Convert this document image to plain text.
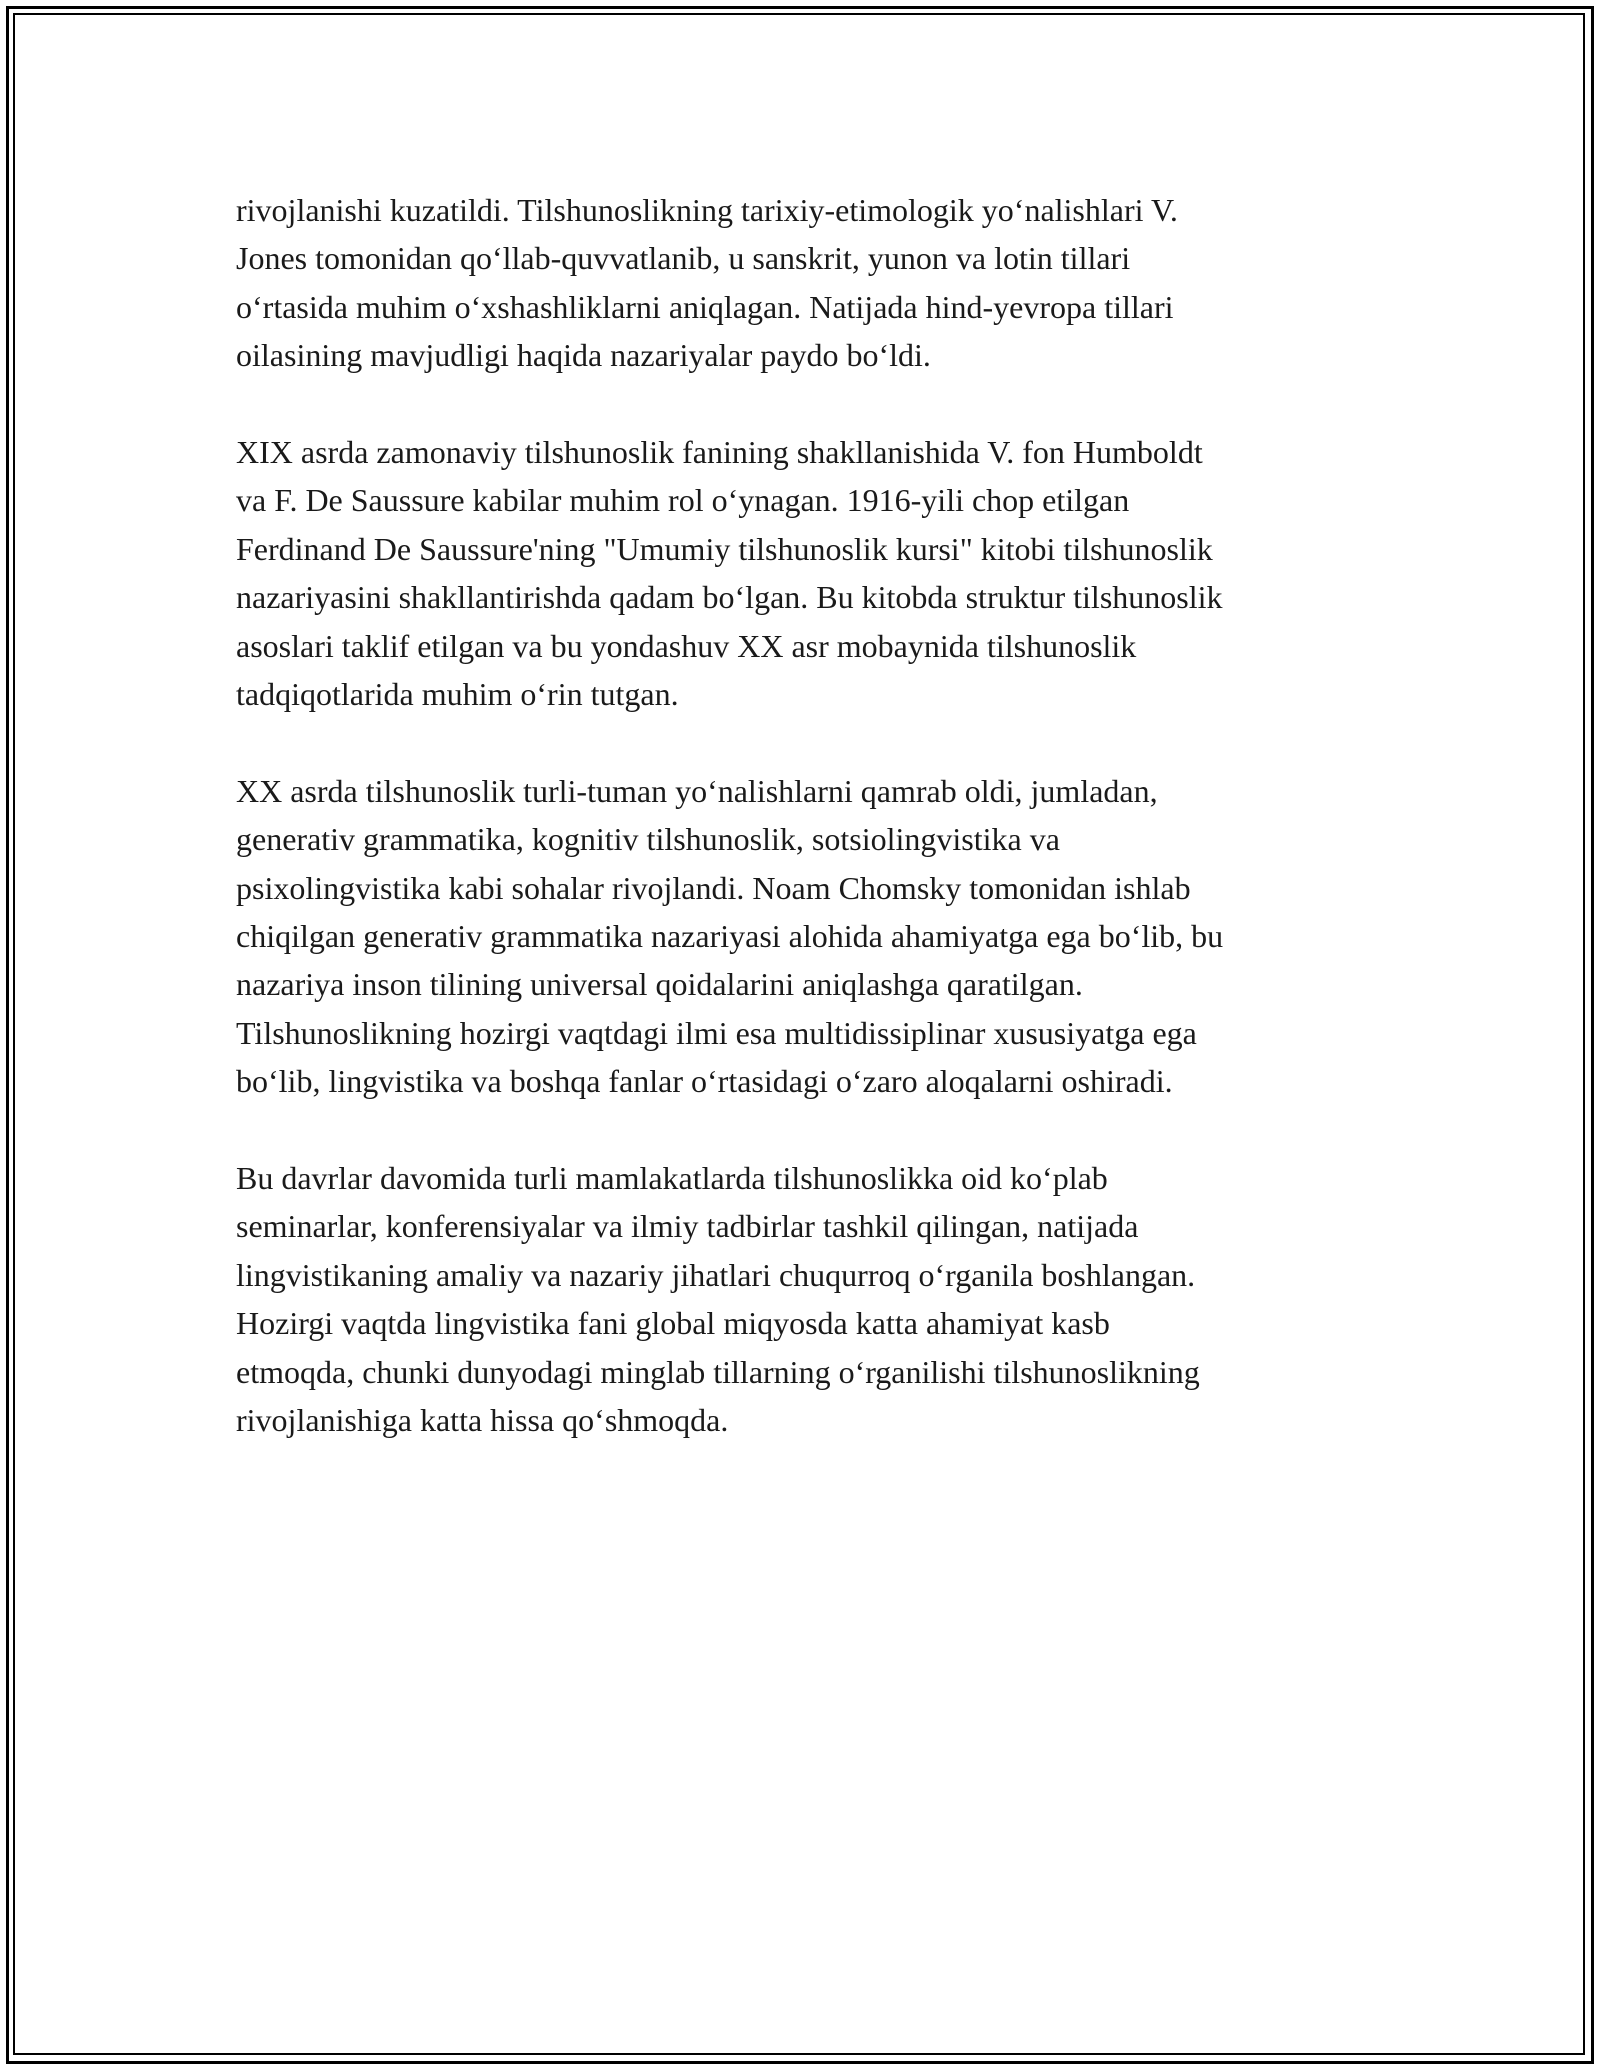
rivojlanishi kuzatildi. Tilshunoslikning tarixiy-etimologik yo‘nalishlari V.
Jones tomonidan qo‘llab-quvvatlanib, u sanskrit, yunon va lotin tillari
o‘rtasida muhim o‘xshashliklarni aniqlagan. Natijada hind-yevropa tillari
oilasining mavjudligi haqida nazariyalar paydo bo‘ldi.

XIX asrda zamonaviy tilshunoslik fanining shakllanishida V. fon Humboldt
va F. De Saussure kabilar muhim rol o‘ynagan. 1916-yili chop etilgan
Ferdinand De Saussure'ning "Umumiy tilshunoslik kursi" kitobi tilshunoslik
nazariyasini shakllantirishda qadam bo‘lgan. Bu kitobda struktur tilshunoslik
asoslari taklif etilgan va bu yondashuv XX asr mobaynida tilshunoslik
tadqiqotlarida muhim o‘rin tutgan.

XX asrda tilshunoslik turli-tuman yo‘nalishlarni qamrab oldi, jumladan,
generativ grammatika, kognitiv tilshunoslik, sotsiolingvistika va
psixolingvistika kabi sohalar rivojlandi. Noam Chomsky tomonidan ishlab
chiqilgan generativ grammatika nazariyasi alohida ahamiyatga ega bo‘lib, bu
nazariya inson tilining universal qoidalarini aniqlashga qaratilgan.
Tilshunoslikning hozirgi vaqtdagi ilmi esa multidissiplinar xususiyatga ega
bo‘lib, lingvistika va boshqa fanlar o‘rtasidagi o‘zaro aloqalarni oshiradi.

Bu davrlar davomida turli mamlakatlarda tilshunoslikka oid ko‘plab
seminarlar, konferensiyalar va ilmiy tadbirlar tashkil qilingan, natijada
lingvistikaning amaliy va nazariy jihatlari chuqurroq o‘rganila boshlangan.
Hozirgi vaqtda lingvistika fani global miqyosda katta ahamiyat kasb
etmoqda, chunki dunyodagi minglab tillarning o‘rganilishi tilshunoslikning
rivojlanishiga katta hissa qo‘shmoqda.
